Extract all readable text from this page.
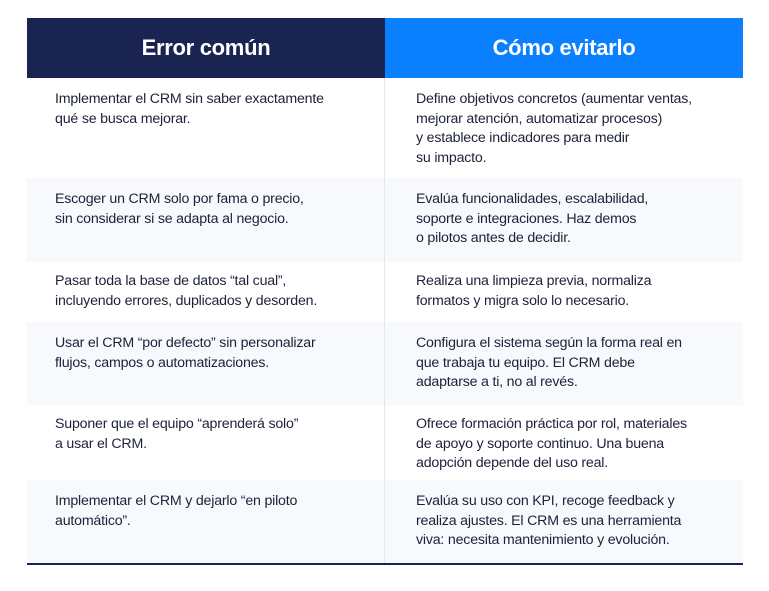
Error común	Cómo evitarlo
Implementar el CRM sin saber exactamente
qué se busca mejorar.
Define objetivos concretos (aumentar ventas,
mejorar atención, automatizar procesos)
y establece indicadores para medir
su impacto.
Escoger un CRM solo por fama o precio,
sin considerar si se adapta al negocio.
Evalúa funcionalidades, escalabilidad,
soporte e integraciones. Haz demos
o pilotos antes de decidir.
Pasar toda la base de datos “tal cual”,
incluyendo errores, duplicados y desorden.
Realiza una limpieza previa, normaliza
formatos y migra solo lo necesario.
Usar el CRM “por defecto” sin personalizar
flujos, campos o automatizaciones.
Configura el sistema según la forma real en
que trabaja tu equipo. El CRM debe
adaptarse a ti, no al revés.
Suponer que el equipo “aprenderá solo”
a usar el CRM.
Ofrece formación práctica por rol, materiales
de apoyo y soporte continuo. Una buena
adopción depende del uso real.
Implementar el CRM y dejarlo “en piloto
automático”.
Evalúa su uso con KPI, recoge feedback y
realiza ajustes. El CRM es una herramienta
viva: necesita mantenimiento y evolución.
